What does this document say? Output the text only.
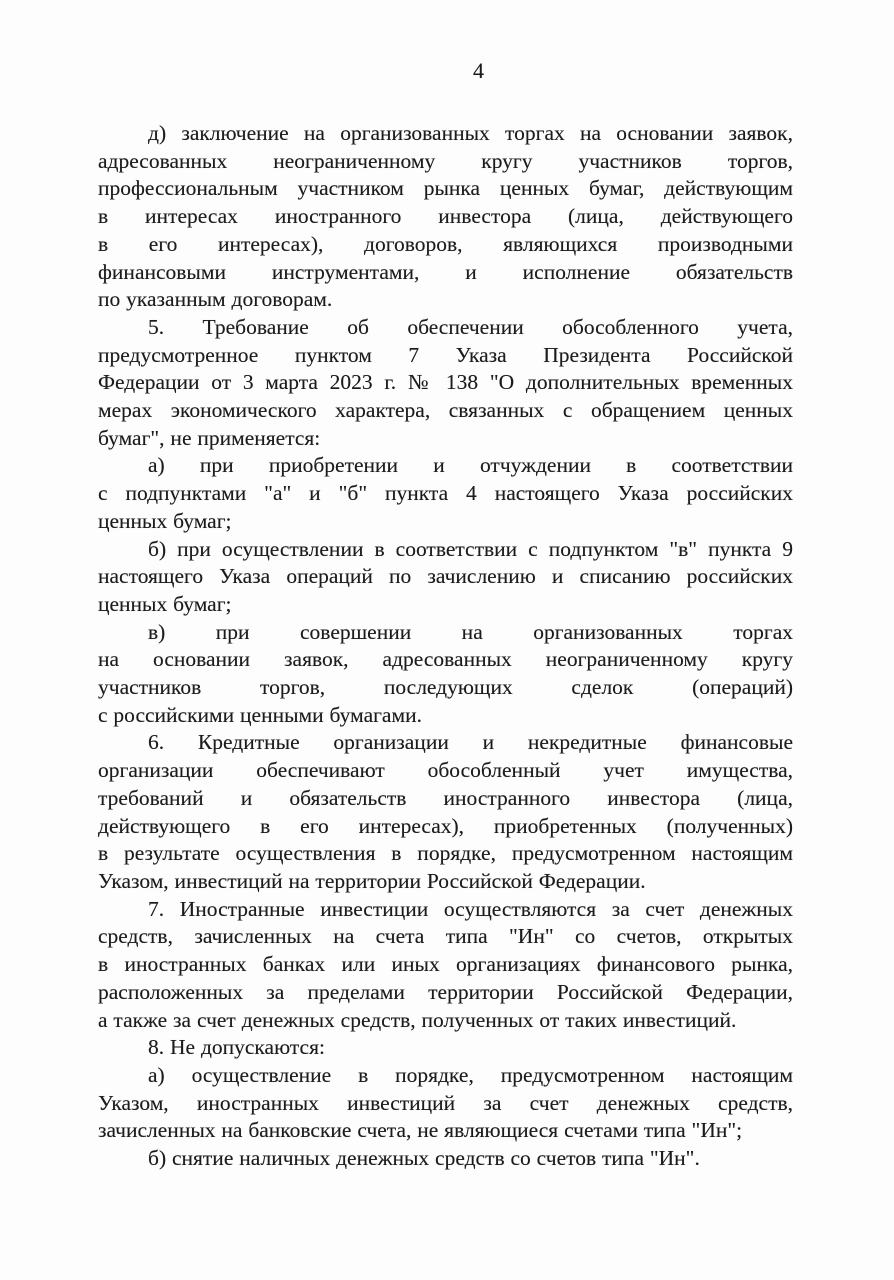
4
д) заключение на организованных торгах на основании заявок,
адресованных неограниченному кругу участников торгов,
профессиональным участником рынка ценных бумаг, действующим
в интересах иностранного инвестора (лица, действующего
в его интересах), договоров, являющихся производными
финансовыми инструментами, и исполнение обязательств
по указанным договорам.
5. Требование об обеспечении обособленного учета,
предусмотренное пунктом 7 Указа Президента Российской
Федерации от 3 марта 2023 г. № 138 "О дополнительных временных
мерах экономического характера, связанных с обращением ценных
бумаг", не применяется:
а) при приобретении и отчуждении в соответствии
с подпунктами "а" и "б" пункта 4 настоящего Указа российских
ценных бумаг;
б) при осуществлении в соответствии с подпунктом "в" пункта 9
настоящего Указа операций по зачислению и списанию российских
ценных бумаг;
в) при совершении на организованных торгах
на основании заявок, адресованных неограниченному кругу
участников торгов, последующих сделок (операций)
с российскими ценными бумагами.
6. Кредитные организации и некредитные финансовые
организации обеспечивают обособленный учет имущества,
требований и обязательств иностранного инвестора (лица,
действующего в его интересах), приобретенных (полученных)
в результате осуществления в порядке, предусмотренном настоящим
Указом, инвестиций на территории Российской Федерации.
7. Иностранные инвестиции осуществляются за счет денежных
средств, зачисленных на счета типа "Ин" со счетов, открытых
в иностранных банках или иных организациях финансового рынка,
расположенных за пределами территории Российской Федерации,
а также за счет денежных средств, полученных от таких инвестиций.
8. Не допускаются:
а) осуществление в порядке, предусмотренном настоящим
Указом, иностранных инвестиций за счет денежных средств,
зачисленных на банковские счета, не являющиеся счетами типа "Ин";
б) снятие наличных денежных средств со счетов типа "Ин".
